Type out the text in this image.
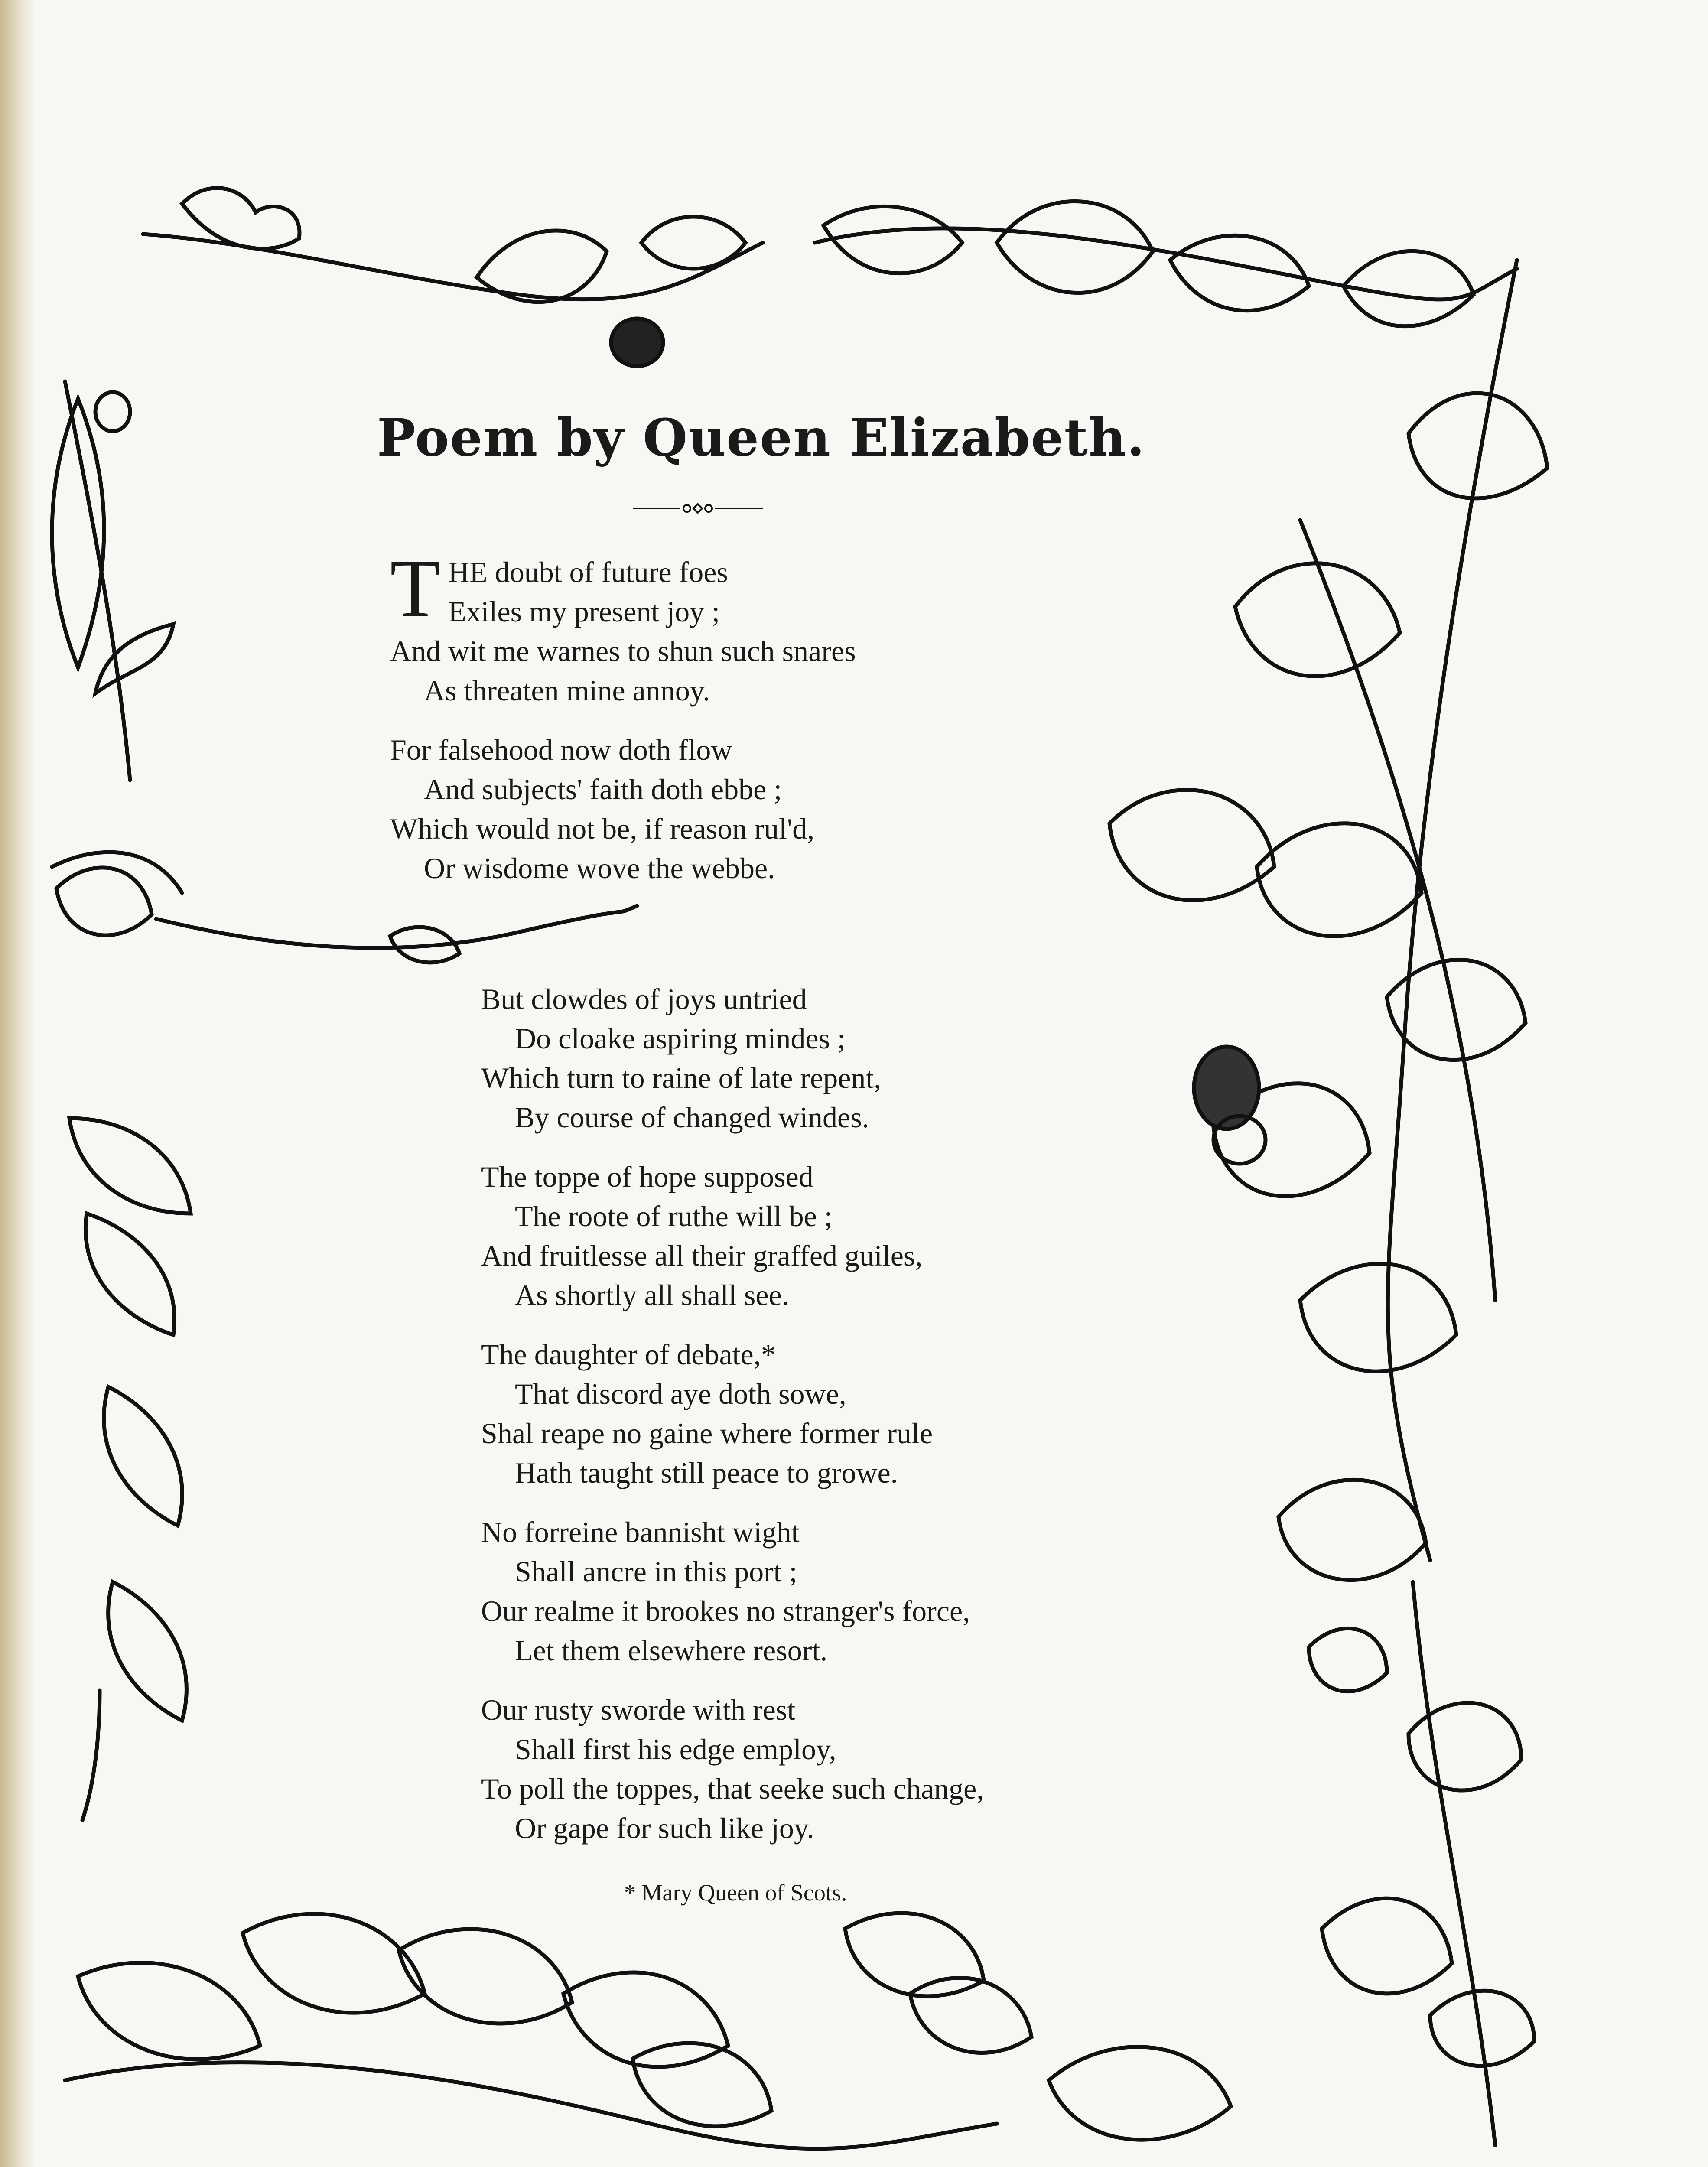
Poem by Queen Elizabeth.
T HE doubt of future foes
Exiles my present joy ;
And wit me warnes to shun such snares
As threaten mine annoy.
For falsehood now doth flow
And subjects' faith doth ebbe ;
Which would not be, if reason rul'd,
Or wisdome wove the webbe.
But clowdes of joys untried
Do cloake aspiring mindes ;
Which turn to raine of late repent,
By course of changed windes.
The toppe of hope supposed
The roote of ruthe will be ;
And fruitlesse all their graffed guiles,
As shortly all shall see.
The daughter of debate,*
That discord aye doth sowe,
Shal reape no gaine where former rule
Hath taught still peace to growe.
No forreine bannisht wight
Shall ancre in this port ;
Our realme it brookes no stranger's force,
Let them elsewhere resort.
Our rusty sworde with rest
Shall first his edge employ,
To poll the toppes, that seeke such change,
Or gape for such like joy.
* Mary Queen of Scots.
